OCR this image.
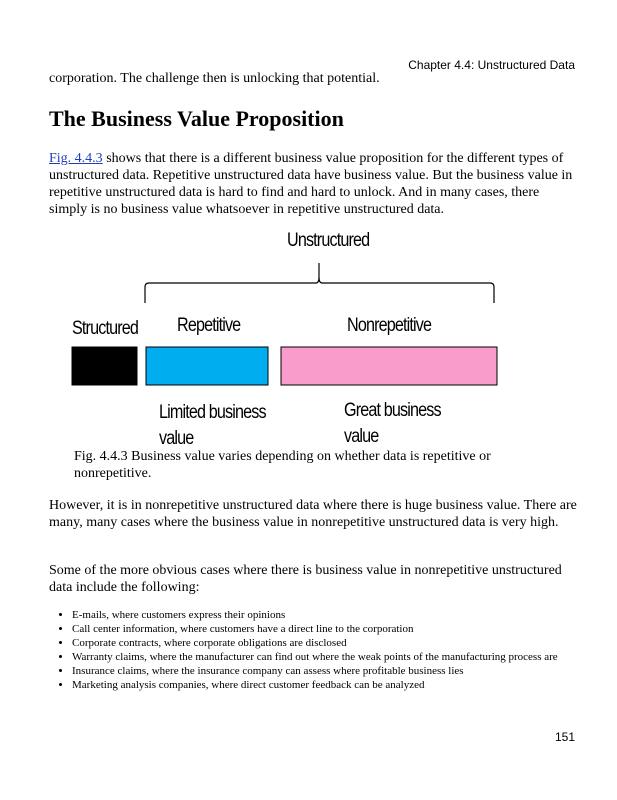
Chapter 4.4: Unstructured Data

corporation. The challenge then is unlocking that potential.

The Business Value Proposition

Fig. 4.4.3 shows that there is a different business value proposition for the different types of unstructured data. Repetitive unstructured data have business value. But the business value in repetitive unstructured data is hard to find and hard to unlock. And in many cases, there simply is no business value whatsoever in repetitive unstructured data.

Unstructured
Structured Repetitive	Nonrepetitive
Limited business
value
Great business
value

Fig. 4.4.3 Business value varies depending on whether data is repetitive or nonrepetitive.

However, it is in nonrepetitive unstructured data where there is huge business value. There are many, many cases where the business value in nonrepetitive unstructured data is very high.

Some of the more obvious cases where there is business value in nonrepetitive unstructured data include the following:

• E-mails, where customers express their opinions
• Call center information, where customers have a direct line to the corporation
• Corporate contracts, where corporate obligations are disclosed
• Warranty claims, where the manufacturer can find out where the weak points of the manufacturing process are
• Insurance claims, where the insurance company can assess where profitable business lies
• Marketing analysis companies, where direct customer feedback can be analyzed
151
